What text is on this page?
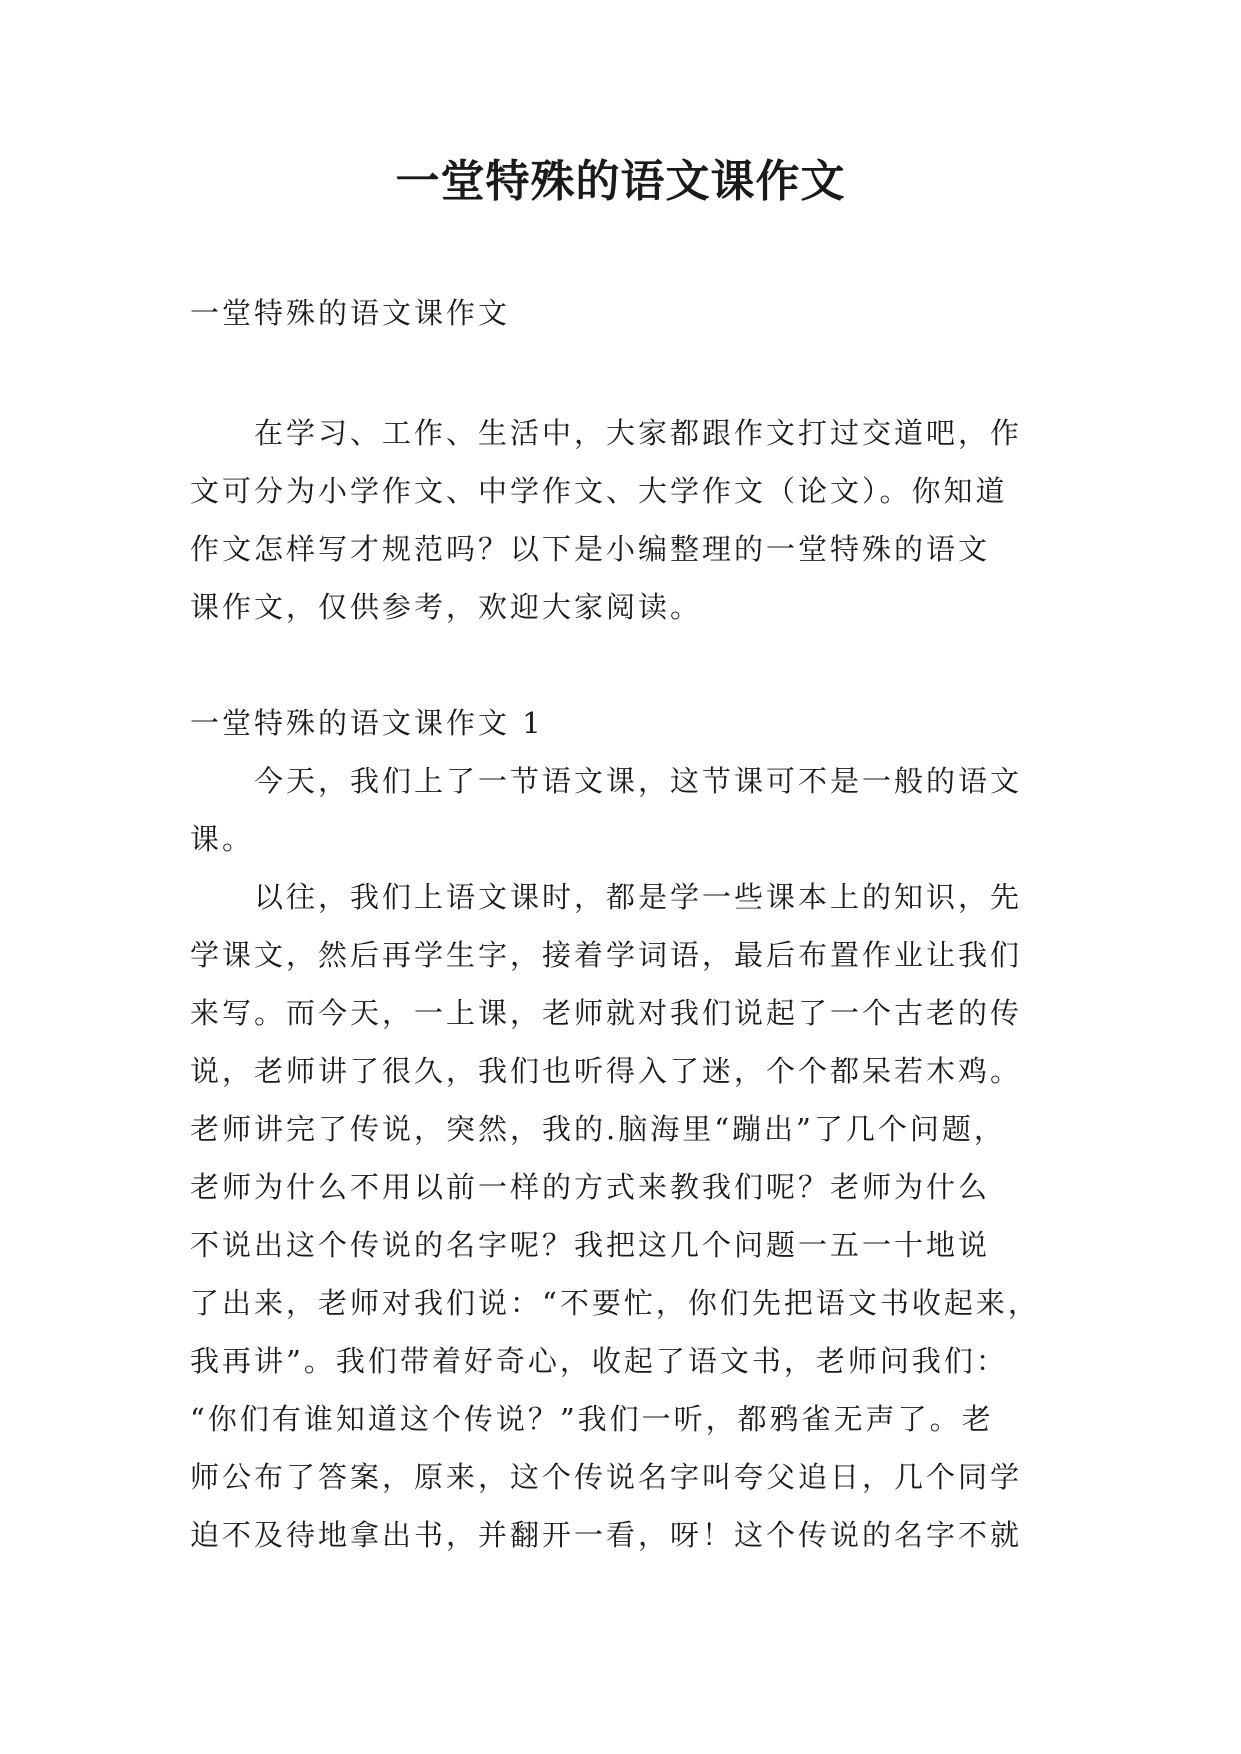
一堂特殊的语文课作文
一堂特殊的语文课作文
在学习、工作、生活中，大家都跟作文打过交道吧，作
文可分为小学作文、中学作文、大学作文（论文）。你知道
作文怎样写才规范吗？以下是小编整理的一堂特殊的语文
课作文，仅供参考，欢迎大家阅读。
一堂特殊的语文课作文 1
今天，我们上了一节语文课，这节课可不是一般的语文
课。
以往，我们上语文课时，都是学一些课本上的知识，先
学课文，然后再学生字，接着学词语，最后布置作业让我们
来写。而今天，一上课，老师就对我们说起了一个古老的传
说，老师讲了很久，我们也听得入了迷，个个都呆若木鸡。
老师讲完了传说，突然，我的.脑海里“蹦出”了几个问题，
老师为什么不用以前一样的方式来教我们呢？老师为什么
不说出这个传说的名字呢？我把这几个问题一五一十地说
了出来，老师对我们说：“不要忙，你们先把语文书收起来，
我再讲”。我们带着好奇心，收起了语文书，老师问我们：
“你们有谁知道这个传说？”我们一听，都鸦雀无声了。老
师公布了答案，原来，这个传说名字叫夸父追日，几个同学
迫不及待地拿出书，并翻开一看，呀！这个传说的名字不就
